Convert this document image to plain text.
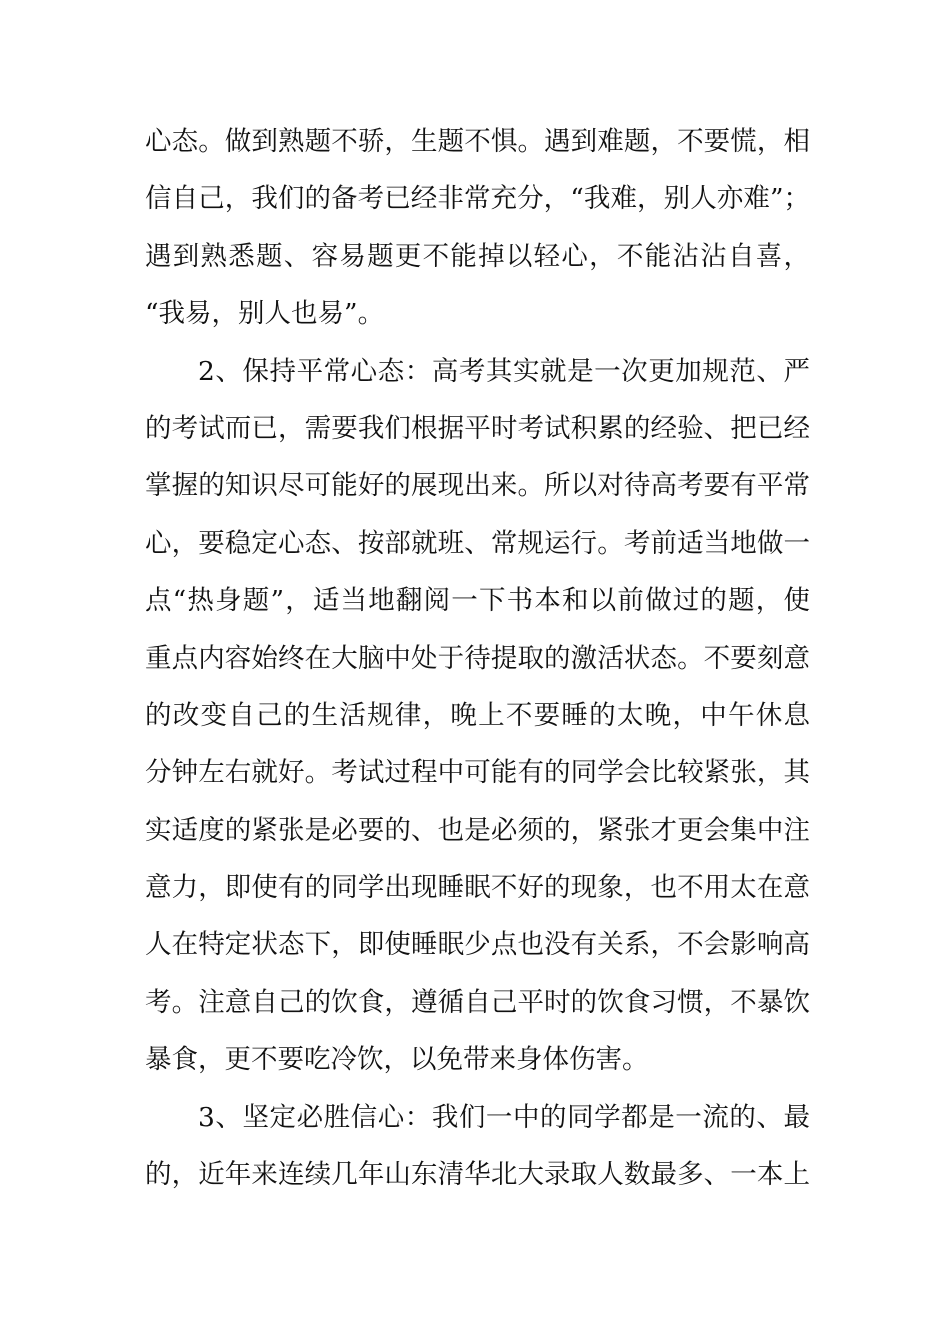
心态。做到熟题不骄，生题不惧。遇到难题，不要慌，相
信自己，我们的备考已经非常充分，“我难，别人亦难”；
遇到熟悉题、容易题更不能掉以轻心，不能沾沾自喜，
“我易，别人也易”。
2、保持平常心态：高考其实就是一次更加规范、严
的考试而已，需要我们根据平时考试积累的经验、把已经
掌握的知识尽可能好的展现出来。所以对待高考要有平常
心，要稳定心态、按部就班、常规运行。考前适当地做一
点“热身题”，适当地翻阅一下书本和以前做过的题，使
重点内容始终在大脑中处于待提取的激活状态。不要刻意
的改变自己的生活规律，晚上不要睡的太晚，中午休息
分钟左右就好。考试过程中可能有的同学会比较紧张，其
实适度的紧张是必要的、也是必须的，紧张才更会集中注
意力，即使有的同学出现睡眠不好的现象，也不用太在意
人在特定状态下，即使睡眠少点也没有关系，不会影响高
考。注意自己的饮食，遵循自己平时的饮食习惯，不暴饮
暴食，更不要吃冷饮，以免带来身体伤害。
3、坚定必胜信心：我们一中的同学都是一流的、最
的，近年来连续几年山东清华北大录取人数最多、一本上
